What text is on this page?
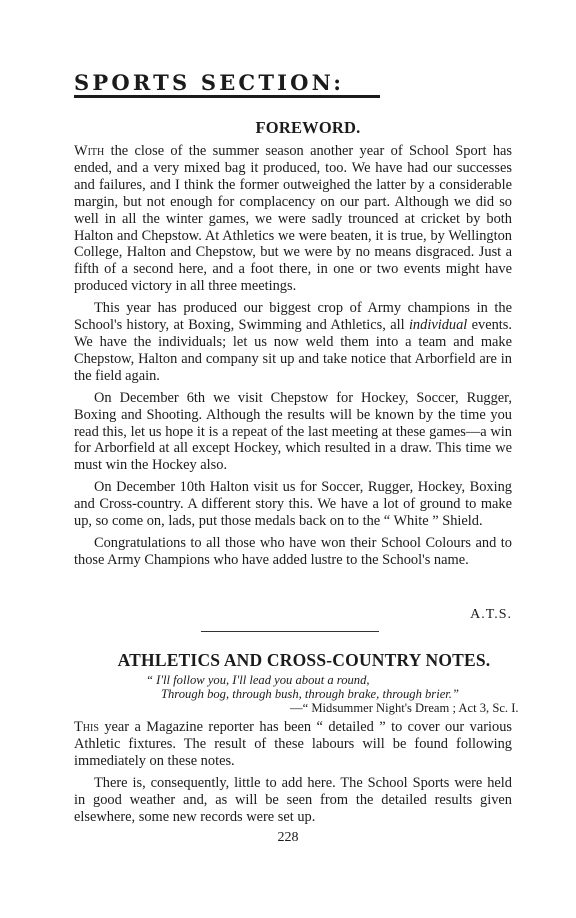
SPORTS SECTION:
FOREWORD.

With the close of the summer season another year of School Sport has ended, and a very mixed bag it produced, too. We have had our successes and failures, and I think the former outweighed the latter by a considerable margin, but not enough for complacency on our part. Although we did so well in all the winter games, we were sadly trounced at cricket by both Halton and Chepstow. At Athletics we were beaten, it is true, by Wellington College, Halton and Chepstow, but we were by no means disgraced. Just a fifth of a second here, and a foot there, in one or two events might have produced victory in all three meetings.

This year has produced our biggest crop of Army champions in the School's history, at Boxing, Swimming and Athletics, all individual events. We have the individuals; let us now weld them into a team and make Chepstow, Halton and company sit up and take notice that Arborfield are in the field again.

On December 6th we visit Chepstow for Hockey, Soccer, Rugger, Boxing and Shooting. Although the results will be known by the time you read this, let us hope it is a repeat of the last meeting at these games—a win for Arborfield at all except Hockey, which resulted in a draw. This time we must win the Hockey also.

On December 10th Halton visit us for Soccer, Rugger, Hockey, Boxing and Cross-country. A different story this. We have a lot of ground to make up, so come on, lads, put those medals back on to the “ White ” Shield.

Congratulations to all those who have won their School Colours and to those Army Champions who have added lustre to the School's name.

A.T.S.
ATHLETICS AND CROSS-COUNTRY NOTES.
“ I'll follow you, I'll lead you about a round,
Through bog, through bush, through brake, through brier.”
—“ Midsummer Night's Dream ; Act 3, Sc. I.

This year a Magazine reporter has been “ detailed ” to cover our various Athletic fixtures. The result of these labours will be found following immediately on these notes.

There is, consequently, little to add here. The School Sports were held in good weather and, as will be seen from the detailed results given elsewhere, some new records were set up.

228
